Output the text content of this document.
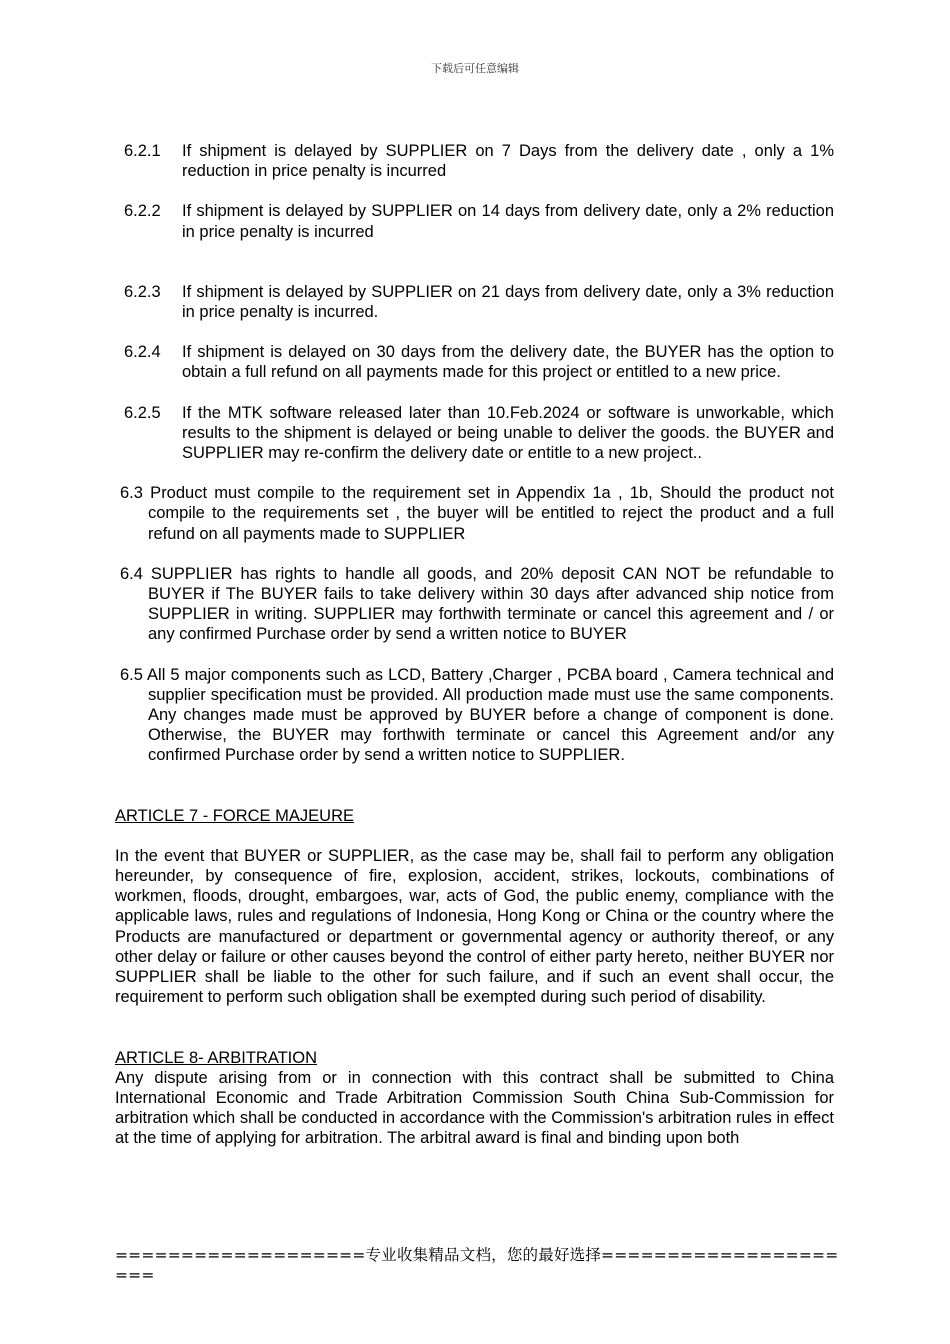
下载后可任意编辑
6.2.1	If shipment is delayed by SUPPLIER on 7 Days from the delivery date , only a 1% reduction in price penalty is incurred
6.2.2	If shipment is delayed by SUPPLIER on 14 days from delivery date, only a 2% reduction in price penalty is incurred
6.2.3	If shipment is delayed by SUPPLIER on 21 days from delivery date, only a 3% reduction in price penalty is incurred.
6.2.4	If shipment is delayed on 30 days from the delivery date, the BUYER has the option to obtain a full refund on all payments made for this project or entitled to a new price.
6.2.5	If the MTK software released later than 10.Feb.2024 or software is unworkable, which results to the shipment is delayed or being unable to deliver the goods. the BUYER and SUPPLIER may re-confirm the delivery date or entitle to a new project..
6.3 Product must compile to the requirement set in Appendix 1a , 1b, Should the product not compile to the requirements set , the buyer will be entitled to reject the product and a full refund on all payments made to SUPPLIER
6.4 SUPPLIER has rights to handle all goods, and 20% deposit CAN NOT be refundable to BUYER if The BUYER fails to take delivery within 30 days after advanced ship notice from SUPPLIER in writing. SUPPLIER may forthwith terminate or cancel this agreement and / or any confirmed Purchase order by send a written notice to BUYER
6.5 All 5 major components such as LCD, Battery ,Charger , PCBA board , Camera technical and supplier specification must be provided. All production made must use the same components. Any changes made must be approved by BUYER before a change of component is done. Otherwise, the BUYER may forthwith terminate or cancel this Agreement and/or any confirmed Purchase order by send a written notice to SUPPLIER.
ARTICLE 7 - FORCE MAJEURE
In the event that BUYER or SUPPLIER, as the case may be, shall fail to perform any obligation hereunder, by consequence of fire, explosion, accident, strikes, lockouts, combinations of workmen, floods, drought, embargoes, war, acts of God, the public enemy, compliance with the applicable laws, rules and regulations of Indonesia, Hong Kong or China or the country where the Products are manufactured or department or governmental agency or authority thereof, or any other delay or failure or other causes beyond the control of either party hereto, neither BUYER nor SUPPLIER shall be liable to the other for such failure, and if such an event shall occur, the requirement to perform such obligation shall be exempted during such period of disability.
ARTICLE 8- ARBITRATION
Any dispute arising from or in connection with this contract shall be submitted to China International Economic and Trade Arbitration Commission South China Sub-Commission for arbitration which shall be conducted in accordance with the Commission's arbitration rules in effect at the time of applying for arbitration. The arbitral award is final and binding upon both
===================专业收集精品文档，您的最好选择=====================
